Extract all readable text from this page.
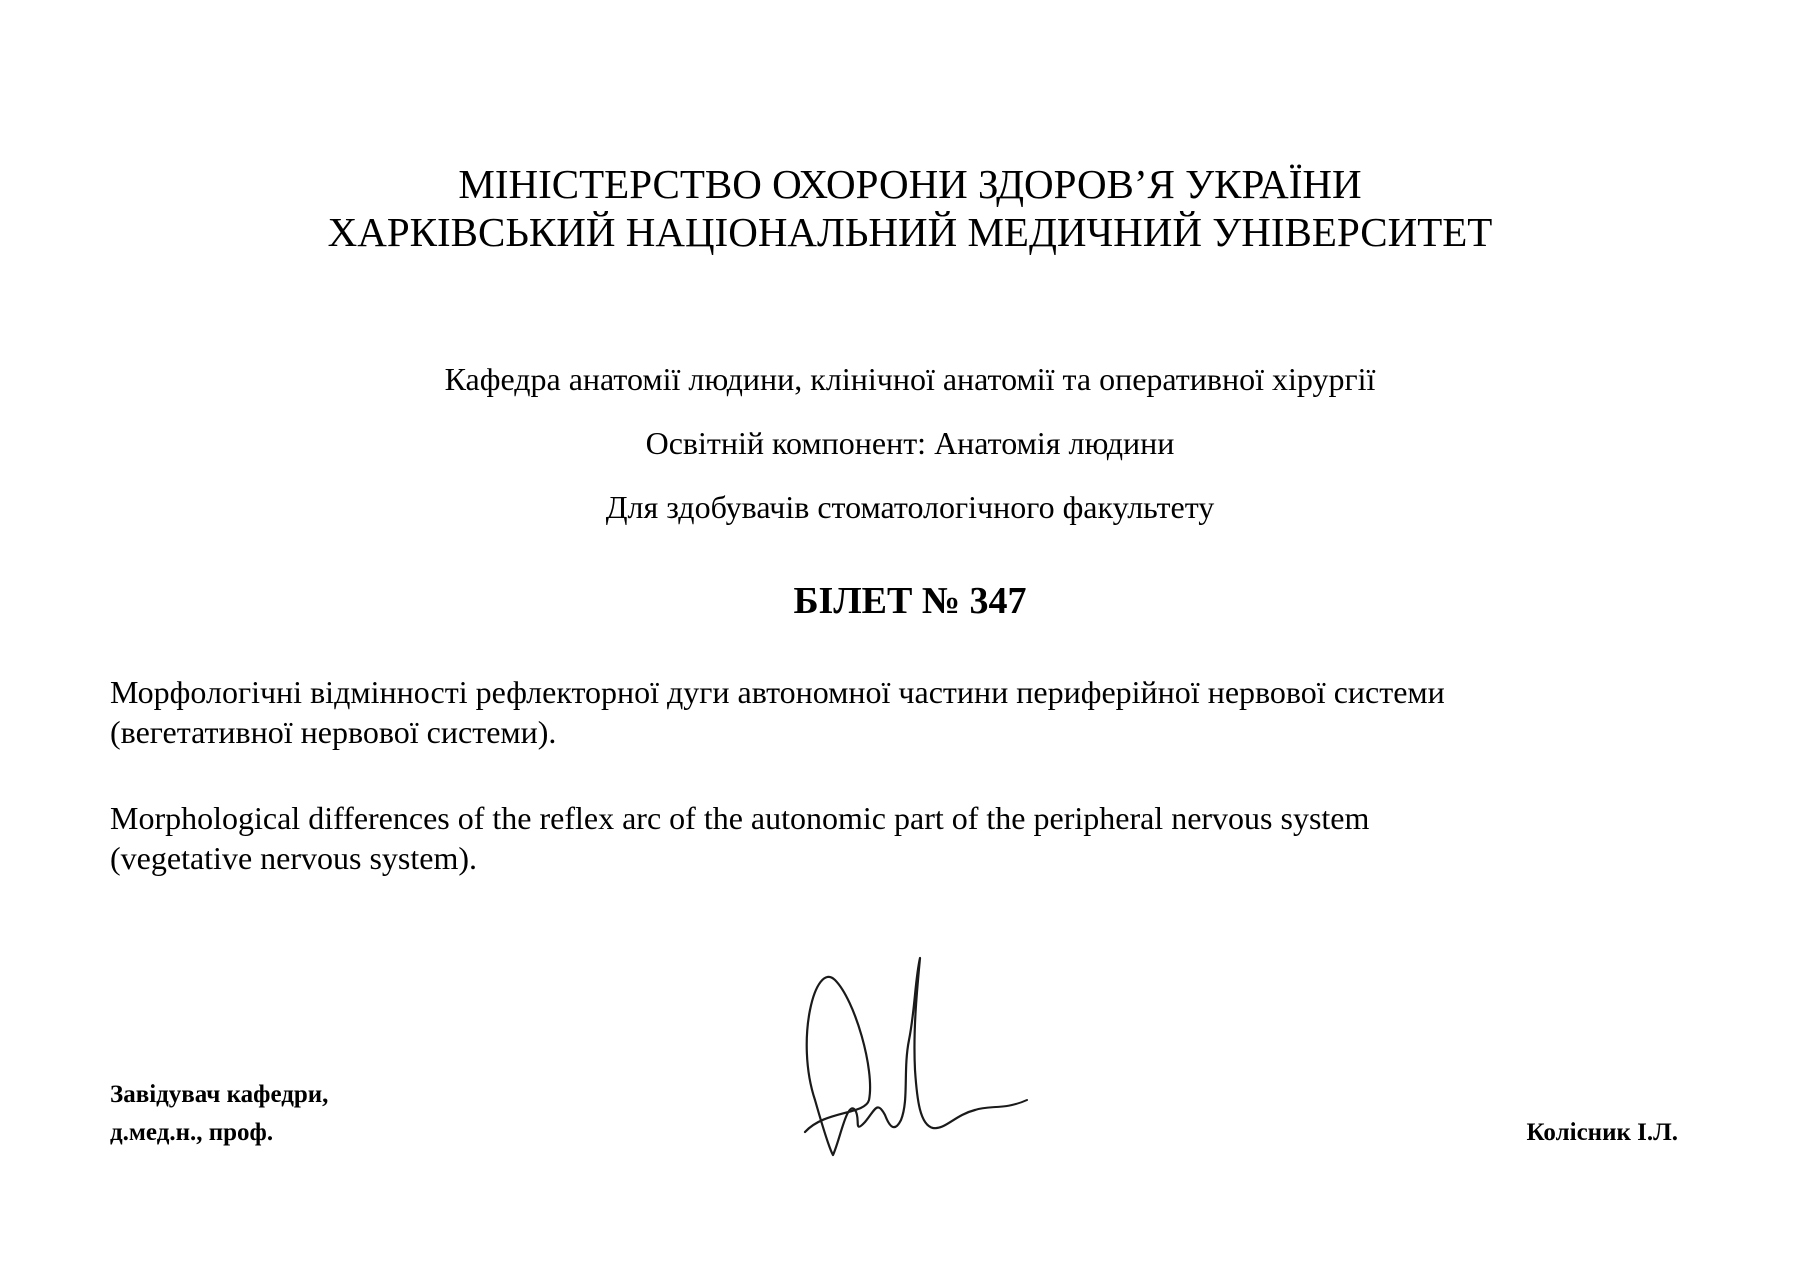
МІНІСТЕРСТВО ОХОРОНИ ЗДОРОВ’Я УКРАЇНИ
ХАРКІВСЬКИЙ НАЦІОНАЛЬНИЙ МЕДИЧНИЙ УНІВЕРСИТЕТ
Кафедра анатомії людини, клінічної анатомії та оперативної хірургії
Освітній компонент: Анатомія людини
Для здобувачів стоматологічного факультету
БІЛЕТ № 347
Морфологічні відмінності рефлекторної дуги автономної частини периферійної нервової системи
(вегетативної нервової системи).
Morphological differences of the reflex arc of the autonomic part of the peripheral nervous system
(vegetative nervous system).
Завідувач кафедри,
д.мед.н., проф.	Колісник І.Л.
